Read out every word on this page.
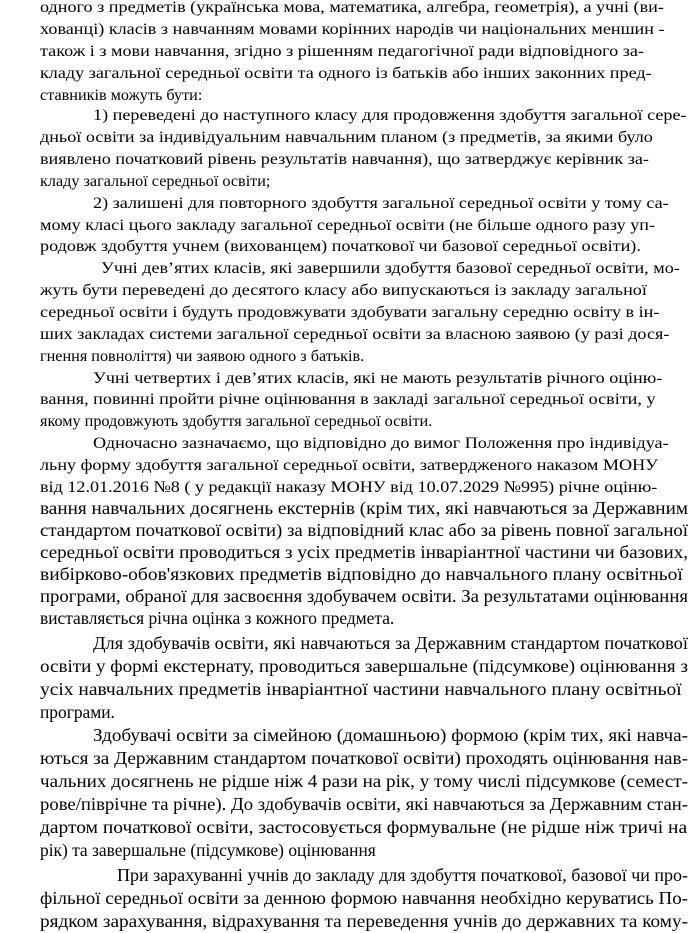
одного з предметів (українська мова, математика, алгебра, геометрія), а учні (ви-
хованці) класів з навчанням мовами корінних народів чи національних меншин -
також і з мови навчання, згідно з рішенням педагогічної ради відповідного за-
кладу загальної середньої освіти та одного із батьків або інших законних пред-
ставників можуть бути:
1) переведені до наступного класу для продовження здобуття загальної сере-
дньої освіти за індивідуальним навчальним планом (з предметів, за якими було
виявлено початковий рівень результатів навчання), що затверджує керівник за-
кладу загальної середньої освіти;
2) залишені для повторного здобуття загальної середньої освіти у тому са-
мому класі цього закладу загальної середньої освіти (не більше одного разу уп-
родовж здобуття учнем (вихованцем) початкової чи базової середньої освіти).
Учні дев’ятих класів, які завершили здобуття базової середньої освіти, мо-
жуть бути переведені до десятого класу або випускаються із закладу загальної
середньої освіти і будуть продовжувати здобувати загальну середню освіту в ін-
ших закладах системи загальної середньої освіти за власною заявою (у разі дося-
гнення повноліття) чи заявою одного з батьків.
Учні четвертих і дев’ятих класів, які не мають результатів річного оціню-
вання, повинні пройти річне оцінювання в закладі загальної середньої освіти, у
якому продовжують здобуття загальної середньої освіти.
Одночасно зазначаємо, що відповідно до вимог Положення про індивідуа-
льну форму здобуття загальної середньої освіти, затвердженого наказом МОНУ
від 12.01.2016 №8 ( у редакції наказу МОНУ від 10.07.2029 №995) річне оціню-
вання навчальних досягнень екстернів (крім тих, які навчаються за Державним
стандартом початкової освіти) за відповідний клас або за рівень повної загальної
середньої освіти проводиться з усіх предметів інваріантної частини чи базових,
вибірково-обов'язкових предметів відповідно до навчального плану освітньої
програми, обраної для засвоєння здобувачем освіти. За результатами оцінювання
виставляється річна оцінка з кожного предмета.
Для здобувачів освіти, які навчаються за Державним стандартом початкової
освіти у формі екстернату, проводиться завершальне (підсумкове) оцінювання з
усіх навчальних предметів інваріантної частини навчального плану освітньої
програми.
Здобувачі освіти за сімейною (домашньою) формою (крім тих, які навча-
ються за Державним стандартом початкової освіти) проходять оцінювання нав-
чальних досягнень не рідше ніж 4 рази на рік, у тому числі підсумкове (семест-
рове/піврічне та річне). До здобувачів освіти, які навчаються за Державним стан-
дартом початкової освіти, застосовується формувальне (не рідше ніж тричі на
рік) та завершальне (підсумкове) оцінювання
При зарахуванні учнів до закладу для здобуття початкової, базової чи про-
фільної середньої освіти за денною формою навчання необхідно керуватись По-
рядком зарахування, відрахування та переведення учнів до державних та кому-
